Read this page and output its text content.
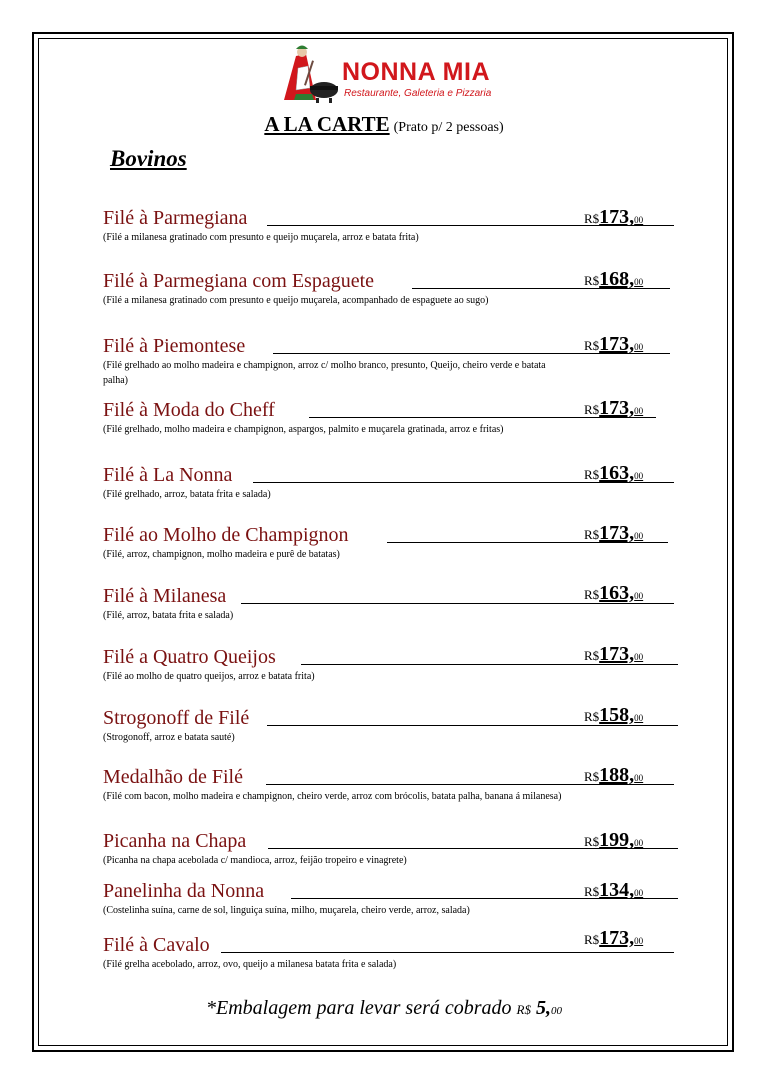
NONNA MIA
Restaurante, Galeteria e Pizzaria
A LA CARTE (Prato p/ 2 pessoas)
Bovinos
Filé à Parmegiana
(Filé a milanesa gratinado com presunto e queijo muçarela, arroz e batata frita)
R$173,00
Filé à Parmegiana com Espaguete
(Filé a milanesa gratinado com presunto e queijo muçarela, acompanhado de espaguete ao sugo)
R$168,00
Filé à Piemontese
(Filé grelhado ao molho madeira e champignon, arroz c/ molho branco, presunto, Queijo, cheiro verde e batata palha)
R$173,00
Filé à Moda do Cheff
(Filé grelhado, molho madeira e champignon, aspargos, palmito e muçarela gratinada, arroz e fritas)
R$173,00
Filé à La Nonna
(Filé grelhado, arroz, batata frita e salada)
R$163,00
Filé ao Molho de Champignon
(Filé, arroz, champignon, molho madeira e purê de batatas)
R$173,00
Filé à Milanesa
(Filé, arroz, batata frita e salada)
R$163,00
Filé a Quatro Queijos
(Filé ao molho de quatro queijos, arroz e batata frita)
R$173,00
Strogonoff de Filé
(Strogonoff, arroz e batata sauté)
R$158,00
Medalhão de Filé
(Filé com bacon, molho madeira e champignon, cheiro verde, arroz com brócolis, batata palha, banana á milanesa)
R$188,00
Picanha na Chapa
(Picanha na chapa acebolada c/ mandioca, arroz, feijão tropeiro e vinagrete)
R$199,00
Panelinha da Nonna
(Costelinha suína, carne de sol, linguiça suína, milho, muçarela, cheiro verde, arroz, salada)
R$134,00
Filé à Cavalo
(Filé grelha acebolado, arroz, ovo, queijo a milanesa batata frita e salada)
R$173,00
*Embalagem para levar será cobrado R$ 5,00
